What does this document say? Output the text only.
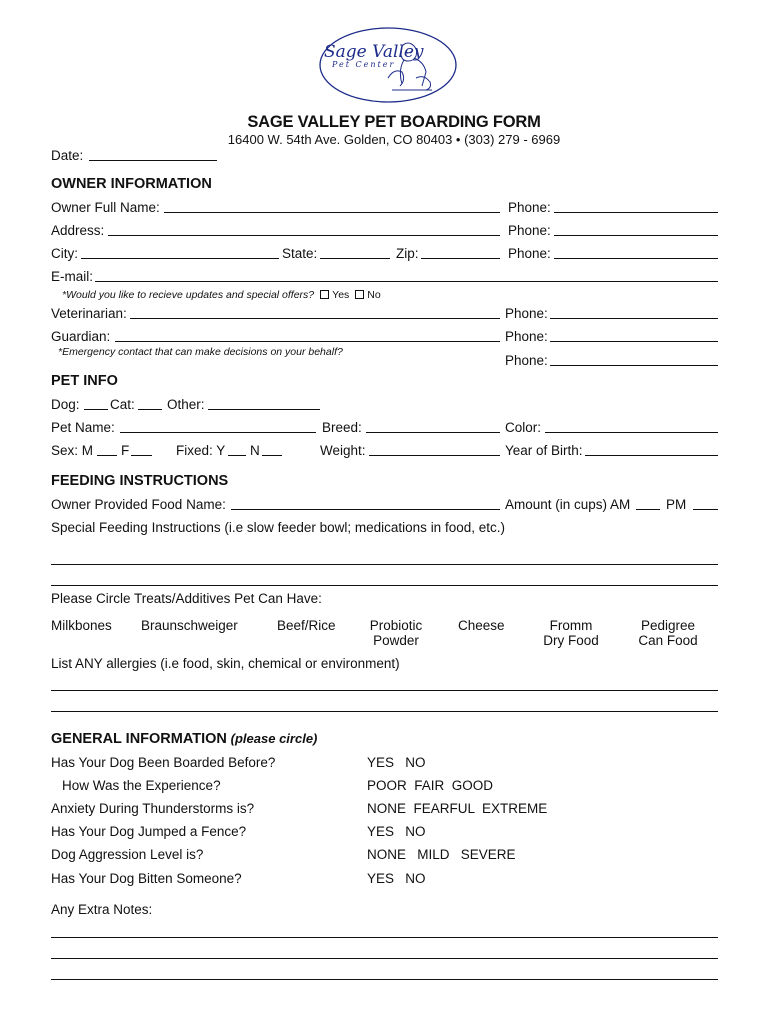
Sage Valley
Pet Center
SAGE VALLEY PET BOARDING FORM
16400 W. 54th Ave. Golden, CO 80403 • (303) 279 - 6969
Date:
OWNER INFORMATION
Owner Full Name:	Phone:
Address:	Phone:
City:	State:	Zip:	Phone:
E-mail:
*Would you like to recieve updates and special offers? Yes No
Veterinarian:	Phone:
Guardian:	Phone:
*Emergency contact that can make decisions on your behalf?
Phone:
PET INFO
Dog: Cat: Other:
Pet Name:	Breed:	Color:
Sex: M F	Fixed: Y N	Weight:	Year of Birth:
FEEDING INSTRUCTIONS
Owner Provided Food Name:	Amount (in cups) AM	PM
Special Feeding Instructions (i.e slow feeder bowl; medications in food, etc.)
Please Circle Treats/Additives Pet Can Have:
Milkbones Braunschweiger	Beef/Rice	Probiotic
Powder
Cheese	Fromm
Dry Food
Pedigree
Can Food
List ANY allergies (i.e food, skin, chemical or environment)
GENERAL INFORMATION (please circle)
Has Your Dog Been Boarded Before?	YES   NO
How Was the Experience?	POOR  FAIR  GOOD
Anxiety During Thunderstorms is?	NONE  FEARFUL  EXTREME
Has Your Dog Jumped a Fence?	YES   NO
Dog Aggression Level is?	NONE   MILD   SEVERE
Has Your Dog Bitten Someone?	YES   NO
Any Extra Notes:
